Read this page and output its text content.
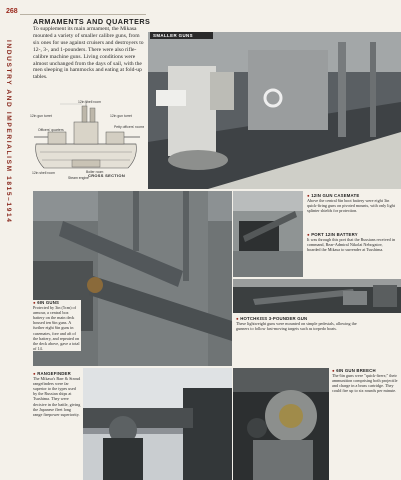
268
INDUSTRY AND IMPERIALISM 1815–1914
ARMAMENTS AND QUARTERS

To supplement its main armament, the Mikasa mounted a variety of smaller calibre guns, from six ones for use against cruisers and destroyers to 12-, 3-, and 1-pounders. There were also rifle-calibre machine guns. Living conditions were almost unchanged from the days of sail, with the men sleeping in hammocks and eating at fold-up tables.

12in shell room
12in gun turret	12in gun turret
Officers' quarters
Petty officers' rooms
12in shell room	Boiler room
Steam engine CROSS SECTION
SMALLER GUNS
● 12IN GUN CASEMATE
Above the central 6in boot battery were eight 3in quick-firing guns on pivoted mounts, with only light splinter shields for protection.
● PORT 12IN BATTERY
It was through this port that the Russians received in command, Rear-Admiral Nikolai Nebogatov, boarded the Mikasa to surrender at Tsushima.
● 6IN GUNS
Protected by 3in (5cm) of armour, a central box battery on the main deck housed ten 6in guns. A further eight 6in guns in casemates, fore and aft of the battery, and repeated on the deck above, gave a total of 14.
● HOTCHKISS 3-POUNDER GUN
These lightweight guns were mounted on simple pedestals, allowing the gunners to follow fast-moving targets such as torpedo boats.
● RANGEFINDER
The Mikasa's Barr & Stroud rangefinders were far superior to the types used by the Russian ships at Tsushima. They were decisive in the battle, giving the Japanese fleet long range firepower superiority.
● 6IN GUN BREECH
The 6in guns were "quick-firers;" their ammunition comprising both projectile and charge in a brass cartridge. They could fire up to six rounds per minute.
